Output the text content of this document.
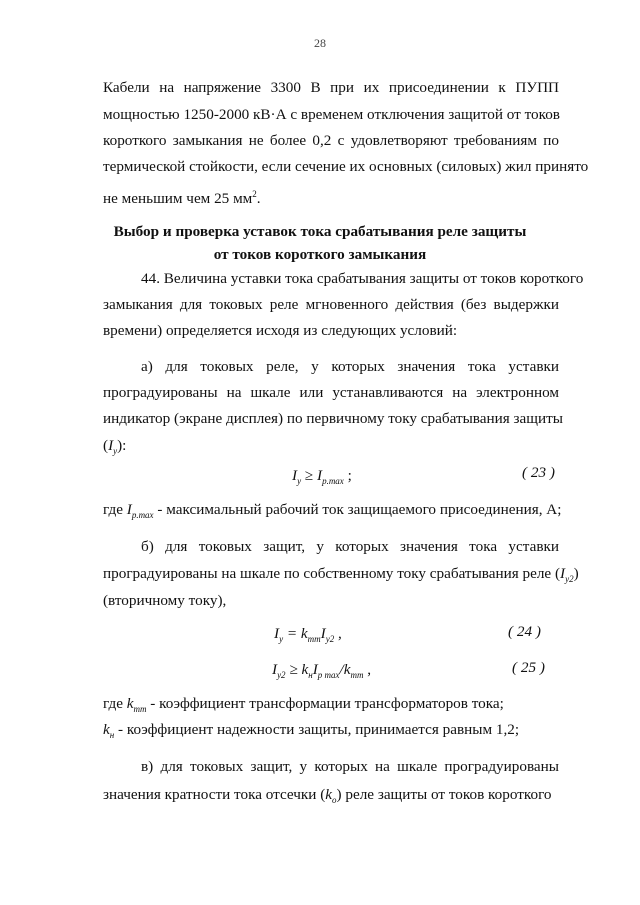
28
Кабели на напряжение 3300 В при их присоединении к ПУПП
мощностью 1250-2000 кВ·А с временем отключения защитой от токов
короткого замыкания не более 0,2 с удовлетворяют требованиям по
термической стойкости, если сечение их основных (силовых) жил принято
не меньшим чем 25 $мм^2$.
Выбор и проверка уставок тока срабатывания реле защиты
от токов короткого замыкания
44. Величина уставки тока срабатывания защиты от токов короткого
замыкания для токовых реле мгновенного действия (без выдержки
времени) определяется исходя из следующих условий:
а) для токовых реле, у которых значения тока уставки
проградуированы на шкале или устанавливаются на электронном
индикатор (экране дисплея) по первичному току срабатывания защиты
$(I_у)$:
$I_у \ge I_{р.max}$ ;	( 23 )
где $I_{р.max}$ - максимальный рабочий ток защищаемого присоединения, А;
б) для токовых защит, у которых значения тока уставки
проградуированы на шкале по собственному току срабатывания реле $(I_{у2})$
(вторичному току),
$I_у = k_{тт}I_{у2}$ ,	( 24 )
$I_{у2} \ge k_нI_{р max}/k_{тт}$ ,	( 25 )
где $k_{тт}$ - коэффициент трансформации трансформаторов тока;
$k_н$ - коэффициент надежности защиты, принимается равным 1,2;
в) для токовых защит, у которых на шкале проградуированы
значения кратности тока отсечки $(k_о)$ реле защиты от токов короткого
